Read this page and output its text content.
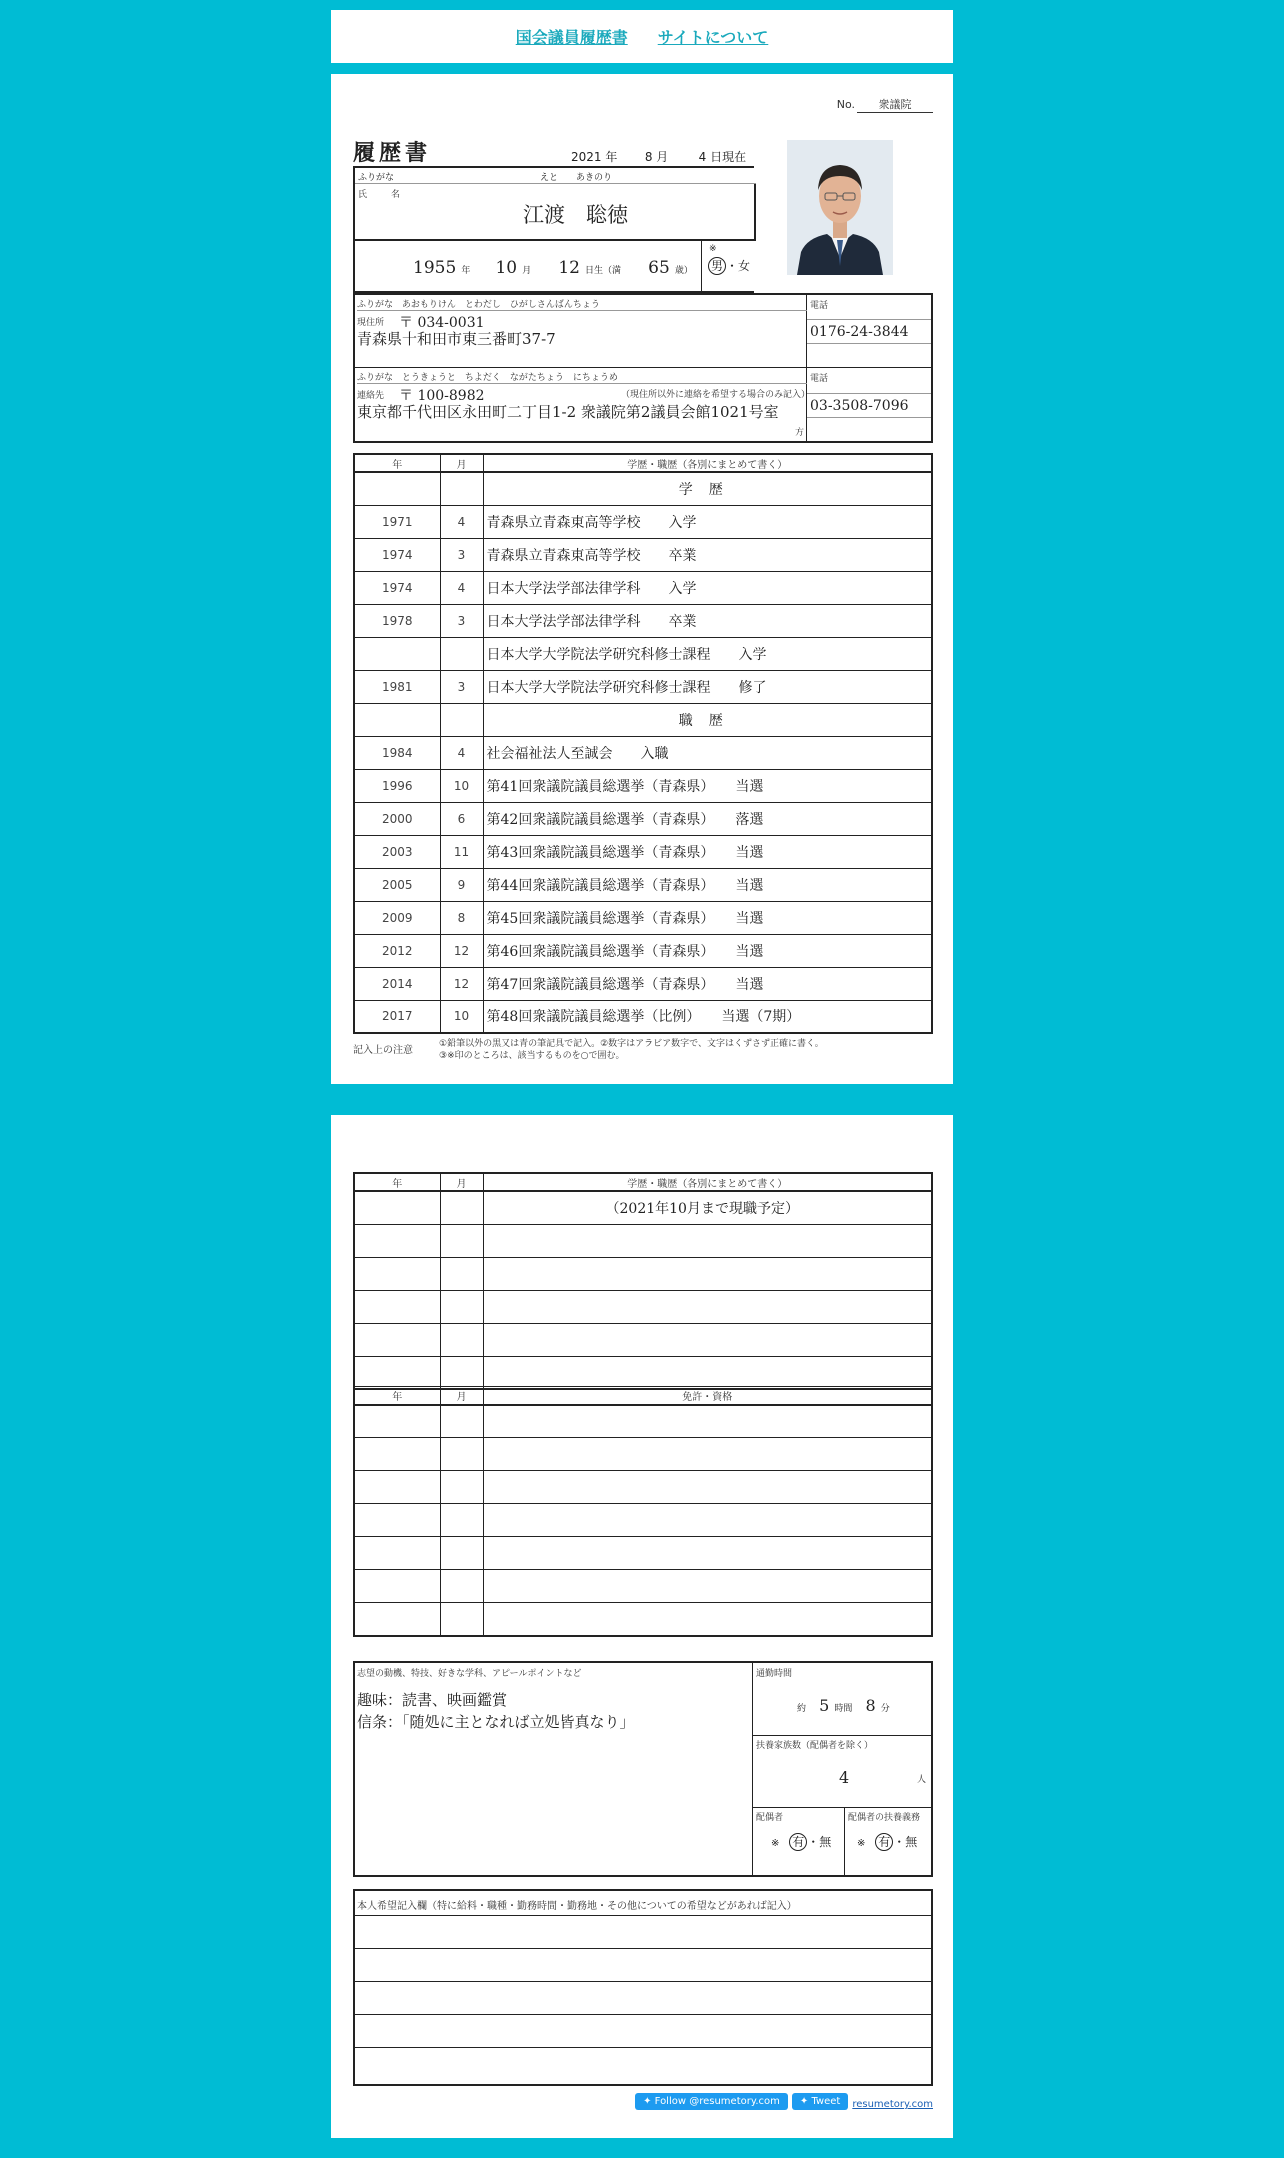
国会議員履歴書 サイトについて
No. 衆議院
履歴書	2021 年 8 月	4 日現在
ふりがな	えと　　あきのり
氏　　名
江渡　聡徳
1955 年 10 月 12 日生（満 65 歳）
※
男 ・女
ふりがな あおもりけん　とわだし　ひがしさんばんちょう
現住所 〒 034-0031
青森県十和田市東三番町37-7
ふりがな とうきょうと　ちよだく　ながたちょう　にちょうめ
連絡先 〒 100-8982	（現住所以外に連絡を希望する場合のみ記入）
東京都千代田区永田町二丁目1-2 衆議院第2議員会館1021号室
方
電話
0176-24-3844
電話
03-3508-7096
年	月	学歴・職歴（各別にまとめて書く）
		学歴
1971	4	青森県立青森東高等学校　　入学
1974	3	青森県立青森東高等学校　　卒業
1974	4	日本大学法学部法律学科　　入学
1978	3	日本大学法学部法律学科　　卒業
		日本大学大学院法学研究科修士課程　　入学
1981	3	日本大学大学院法学研究科修士課程　　修了
		職歴
1984	4	社会福祉法人至誠会　　入職
1996	10	第41回衆議院議員総選挙（青森県）　　当選
2000	6	第42回衆議院議員総選挙（青森県）　　落選
2003	11	第43回衆議院議員総選挙（青森県）　　当選
2005	9	第44回衆議院議員総選挙（青森県）　　当選
2009	8	第45回衆議院議員総選挙（青森県）　　当選
2012	12	第46回衆議院議員総選挙（青森県）　　当選
2014	12	第47回衆議院議員総選挙（青森県）　　当選
2017	10	第48回衆議院議員総選挙（比例）　　当選（7期）
記入上の注意
①鉛筆以外の黒又は青の筆記具で記入。②数字はアラビア数字で、文字はくずさず正確に書く。
③※印のところは、該当するものを○で囲む。
年	月	学歴・職歴（各別にまとめて書く）
		　　　　　　　　　（2021年10月まで現職予定）

年	月	免許・資格

志望の動機、特技、好きな学科、アピールポイントなど
趣味：読書、映画鑑賞
信条：「随処に主となれば立処皆真なり」
通勤時間
約 5 時間 8 分
扶養家族数（配偶者を除く）
4	人
配偶者
※ 有 ・無
配偶者の扶養義務
※ 有 ・無
本人希望記入欄（特に給料・職種・勤務時間・勤務地・その他についての希望などがあれば記入）
✦ Follow @resumetory.com	✦ Tweet	resumetory.com
